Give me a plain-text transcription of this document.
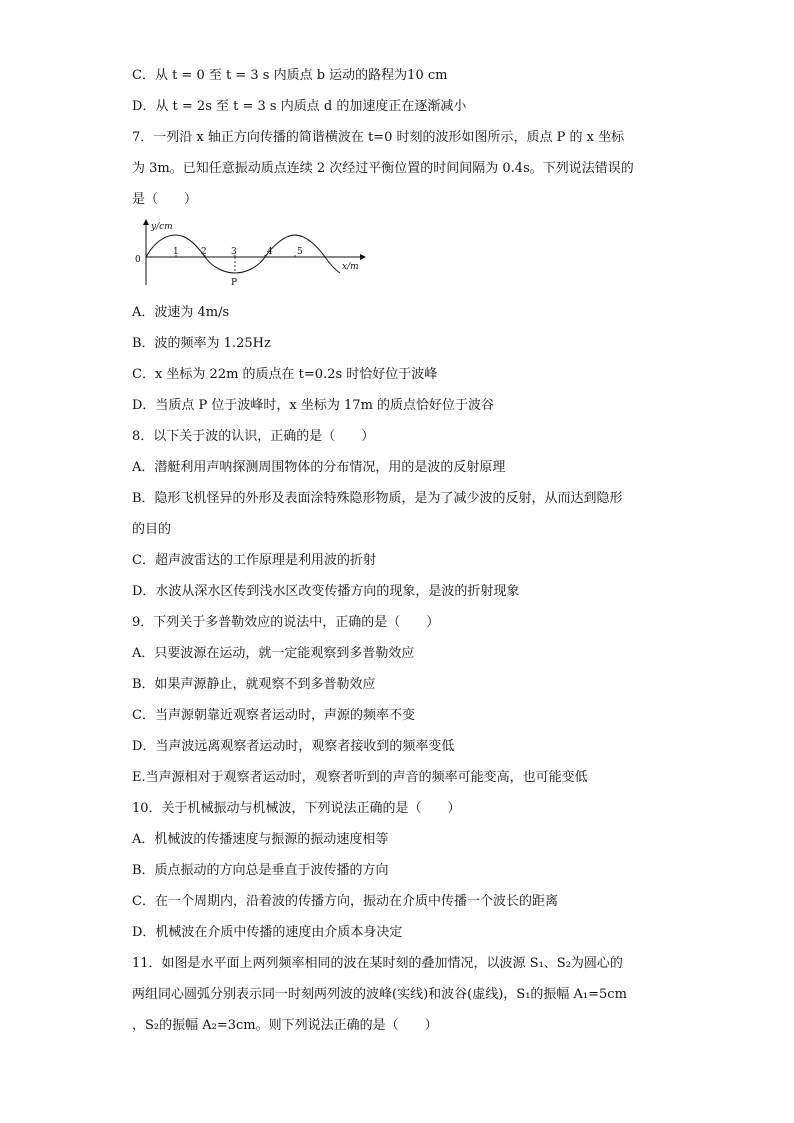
C．从 t = 0 至 t = 3 s 内质点 b 运动的路程为10 cm
D．从 t = 2s 至 t = 3 s 内质点 d 的加速度正在逐渐减小
7．一列沿 x 轴正方向传播的简谐横波在 t=0 时刻的波形如图所示，质点 P 的 x 坐标
为 3m。已知任意振动质点连续 2 次经过平衡位置的时间间隔为 0.4s。下列说法错误的
是（　　）
y/cm
x/m
0
1 2	3	4	5
P
A．波速为 4m/s
B．波的频率为 1.25Hz
C．x 坐标为 22m 的质点在 t=0.2s 时恰好位于波峰
D．当质点 P 位于波峰时，x 坐标为 17m 的质点恰好位于波谷
8．以下关于波的认识，正确的是（　　）
A．潜艇利用声呐探测周围物体的分布情况，用的是波的反射原理
B．隐形飞机怪异的外形及表面涂特殊隐形物质，是为了减少波的反射，从而达到隐形
的目的
C．超声波雷达的工作原理是利用波的折射
D．水波从深水区传到浅水区改变传播方向的现象，是波的折射现象
9．下列关于多普勒效应的说法中，正确的是（　　）
A．只要波源在运动，就一定能观察到多普勒效应
B．如果声源静止，就观察不到多普勒效应
C．当声源朝靠近观察者运动时，声源的频率不变
D．当声波远离观察者运动时，观察者接收到的频率变低
E.当声源相对于观察者运动时，观察者听到的声音的频率可能变高，也可能变低
10．关于机械振动与机械波，下列说法正确的是（　　）
A．机械波的传播速度与振源的振动速度相等
B．质点振动的方向总是垂直于波传播的方向
C．在一个周期内，沿着波的传播方向，振动在介质中传播一个波长的距离
D．机械波在介质中传播的速度由介质本身决定
11．如图是水平面上两列频率相同的波在某时刻的叠加情况，以波源 S₁、S₂为圆心的
两组同心圆弧分别表示同一时刻两列波的波峰(实线)和波谷(虚线)，S₁的振幅 A₁=5cm
，S₂的振幅 A₂=3cm。则下列说法正确的是（　　）
